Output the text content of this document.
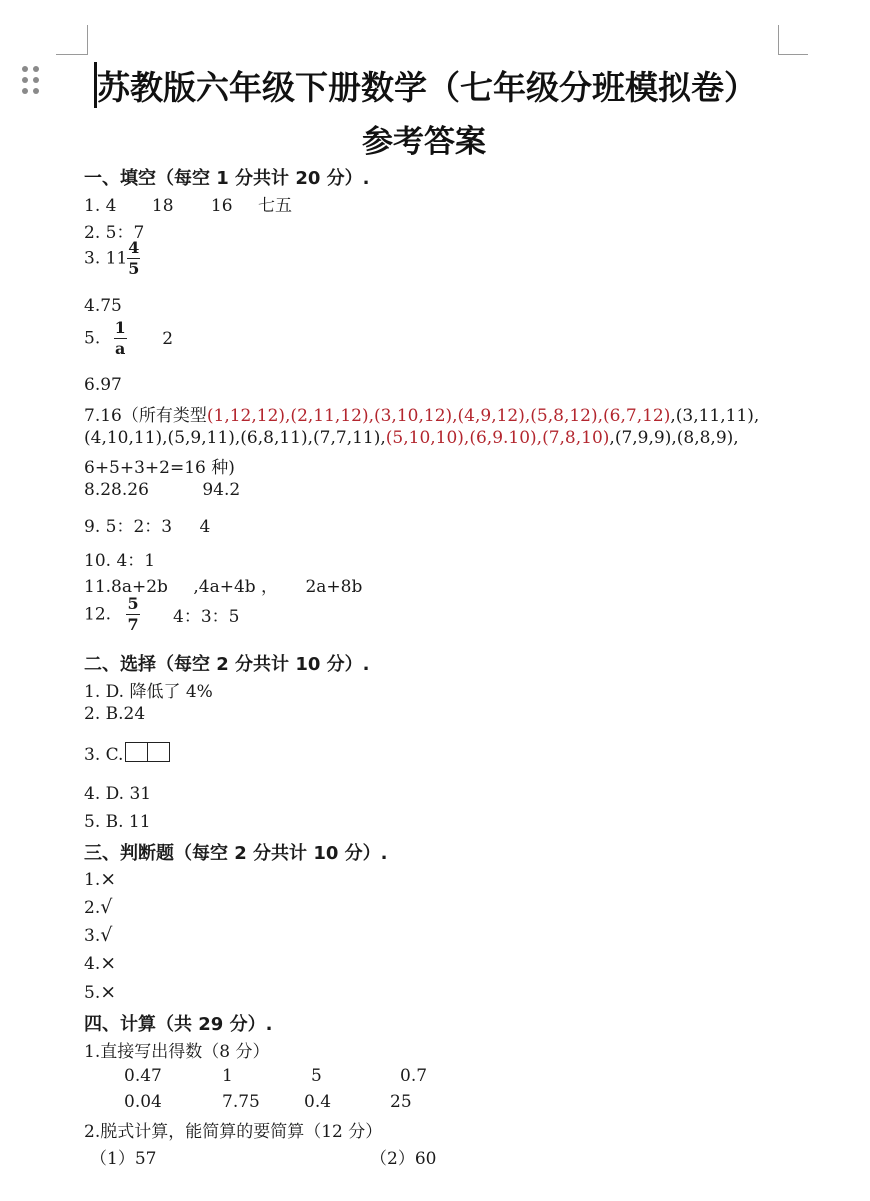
苏教版六年级下册数学（七年级分班模拟卷）
参考答案
一、填空（每空 1 分共计 20 分）.
1. 4 18 16 七五
2. 5：7
3. $11 \frac{4}{5}$
4.75
5. $\frac{1}{a} 2$
6.97
7.16（所有类型(1,12,12),(2,11,12),(3,10,12),(4,9,12),(5,8,12),(6,7,12),(3,11,11),
(4,10,11),(5,9,11),(6,8,11),(7,7,11),(5,10,10),(6,9.10),(7,8,10),(7,9,9),(8,8,9),
6+5+3+2=16 种)
8.28.26	94.2
9. 5：2：3 4
10. 4：1
11.8a+2b ,4a+4b ， 2a+8b
12. $\frac{5}{7} 4$：3：5
二、选择（每空 2 分共计 10 分）.
1. D. 降低了 4%
2. B.24
3. C.
4. D. 31
5. B. 11
三、判断题（每空 2 分共计 10 分）.
1.×
2.√
3.√
4.×
5.×
四、计算（共 29 分）.
1.直接写出得数（8 分）
0.47	1	5	0.7
0.04	7.75	0.4	25
2.脱式计算，能简算的要简算（12 分）
（1）57	（2）60
